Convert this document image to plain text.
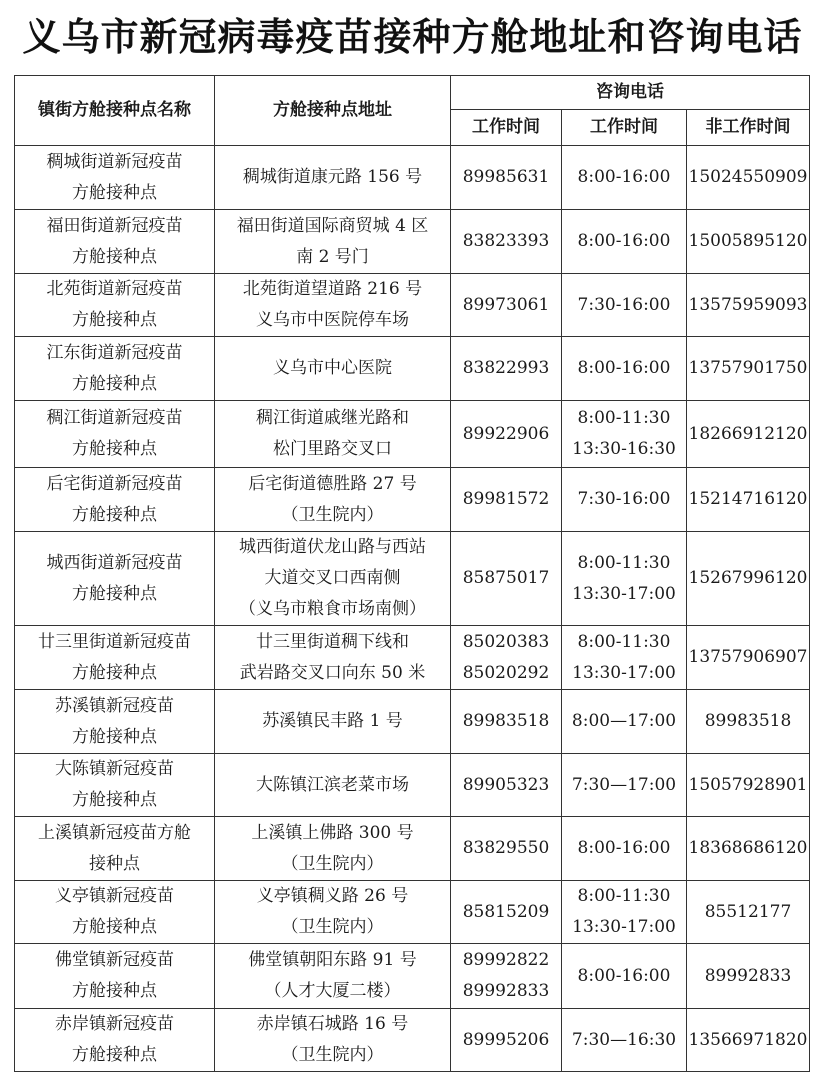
义乌市新冠病毒疫苗接种方舱地址和咨询电话
镇街方舱接种点名称	方舱接种点地址	咨询电话		
		工作时间	工作时间	非工作时间

稠城街道新冠疫苗
方舱接种点	稠城街道康元路 156 号	89985631	8:00-16:00	15024550909

福田街道新冠疫苗
方舱接种点	福田街道国际商贸城 4 区
南 2 号门	83823393	8:00-16:00	15005895120

北苑街道新冠疫苗
方舱接种点	北苑街道望道路 216 号
义乌市中医院停车场	89973061	7:30-16:00	13575959093

江东街道新冠疫苗
方舱接种点	义乌市中心医院	83822993	8:00-16:00	13757901750

稠江街道新冠疫苗
方舱接种点	稠江街道戚继光路和
松门里路交叉口	89922906	8:00-11:30
13:30-16:30	18266912120

后宅街道新冠疫苗
方舱接种点	后宅街道德胜路 27 号
（卫生院内）	89981572	7:30-16:00	15214716120

城西街道新冠疫苗
方舱接种点	城西街道伏龙山路与西站
大道交叉口西南侧
（义乌市粮食市场南侧）	85875017	8:00-11:30
13:30-17:00	15267996120

廿三里街道新冠疫苗
方舱接种点	廿三里街道稠下线和
武岩路交叉口向东 50 米	85020383
85020292	8:00-11:30
13:30-17:00	13757906907

苏溪镇新冠疫苗
方舱接种点	苏溪镇民丰路 1 号	89983518	8:00—17:00	89983518

大陈镇新冠疫苗
方舱接种点	大陈镇江滨老菜市场	89905323	7:30—17:00	15057928901

上溪镇新冠疫苗方舱
接种点	上溪镇上佛路 300 号
（卫生院内）	83829550	8:00-16:00	18368686120

义亭镇新冠疫苗
方舱接种点	义亭镇稠义路 26 号
（卫生院内）	85815209	8:00-11:30
13:30-17:00	85512177

佛堂镇新冠疫苗
方舱接种点	佛堂镇朝阳东路 91 号
（人才大厦二楼）	89992822
89992833	8:00-16:00	89992833

赤岸镇新冠疫苗
方舱接种点	赤岸镇石城路 16 号
（卫生院内）	89995206	7:30—16:30	13566971820
